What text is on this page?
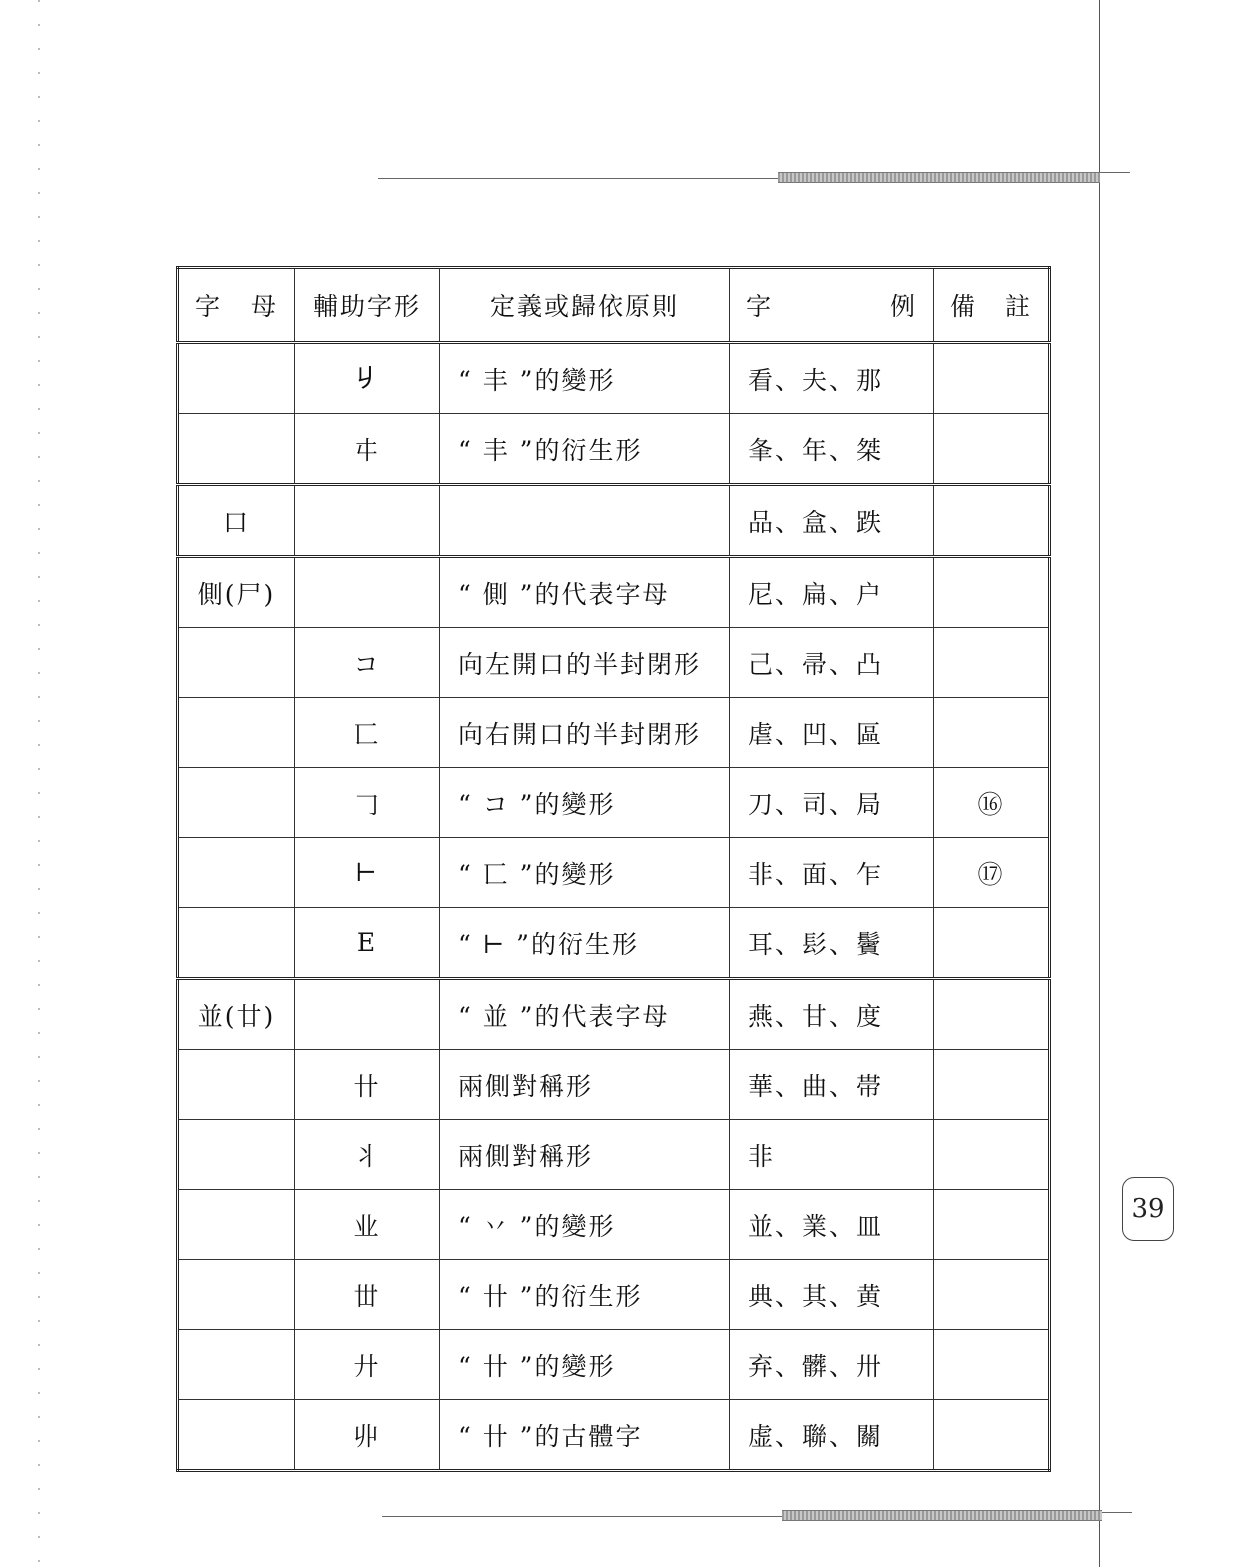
字 母	輔助字形	定義或歸依原則	字 例	備 註

	𠂈	“ 丰 ”的變形	看、夫、那	
	㐄	“ 丰 ”的衍生形	夆、年、桀	
口			品、盒、跌	
側(尸)		“ 側 ”的代表字母	尼、扁、户	
	コ	向左開口的半封閉形	己、帚、凸	
	匸	向右開口的半封閉形	虐、凹、區	
	𠃌	“ コ ”的變形	刀、司、局	⑯
	⊢	“ 匸 ”的變形	非、面、乍	⑰
	E	“ ⊢ ”的衍生形	耳、髟、鬢	
並(廿)		“ 並 ”的代表字母	燕、甘、度	
	卄	兩側對稱形	華、曲、帯	
	丬	兩側對稱形	非	
	业	“ 丷 ”的變形	並、業、皿	
	丗	“ 卄 ”的衍生形	典、其、黄	
	廾	“ 卄 ”的變形	弃、髒、卅	
	丱	“ 卄 ”的古體字	虚、聯、關	
39
